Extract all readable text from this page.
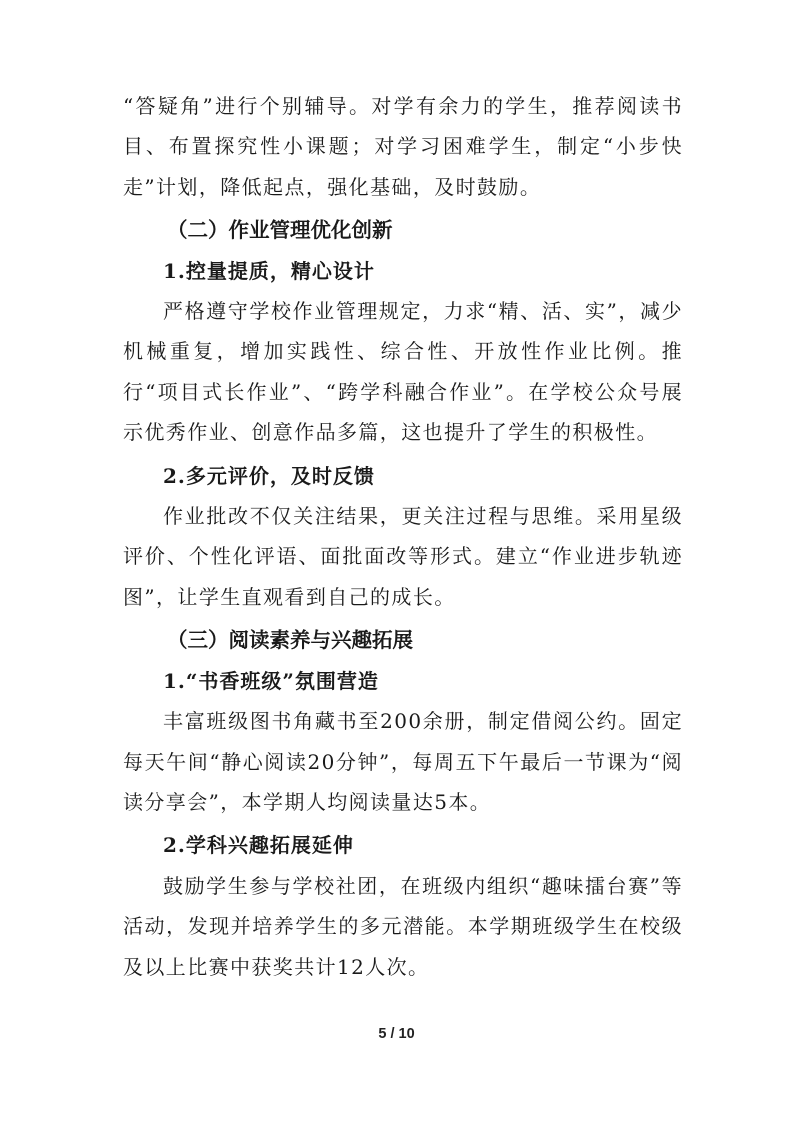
“答疑角”进行个别辅导。对学有余力的学生，推荐阅读书目、布置探究性小课题；对学习困难学生，制定“小步快走”计划，降低起点，强化基础，及时鼓励。

（二）作业管理优化创新
1.控量提质，精心设计

严格遵守学校作业管理规定，力求“精、活、实”，减少机械重复，增加实践性、综合性、开放性作业比例。推行“项目式长作业”、“跨学科融合作业”。在学校公众号展示优秀作业、创意作品多篇，这也提升了学生的积极性。

2.多元评价，及时反馈

作业批改不仅关注结果，更关注过程与思维。采用星级评价、个性化评语、面批面改等形式。建立“作业进步轨迹图”，让学生直观看到自己的成长。

（三）阅读素养与兴趣拓展
1.“书香班级”氛围营造

丰富班级图书角藏书至200余册，制定借阅公约。固定每天午间“静心阅读20分钟”，每周五下午最后一节课为“阅读分享会”，本学期人均阅读量达5本。

2.学科兴趣拓展延伸

鼓励学生参与学校社团，在班级内组织“趣味擂台赛”等活动，发现并培养学生的多元潜能。本学期班级学生在校级及以上比赛中获奖共计12人次。

5 / 10
